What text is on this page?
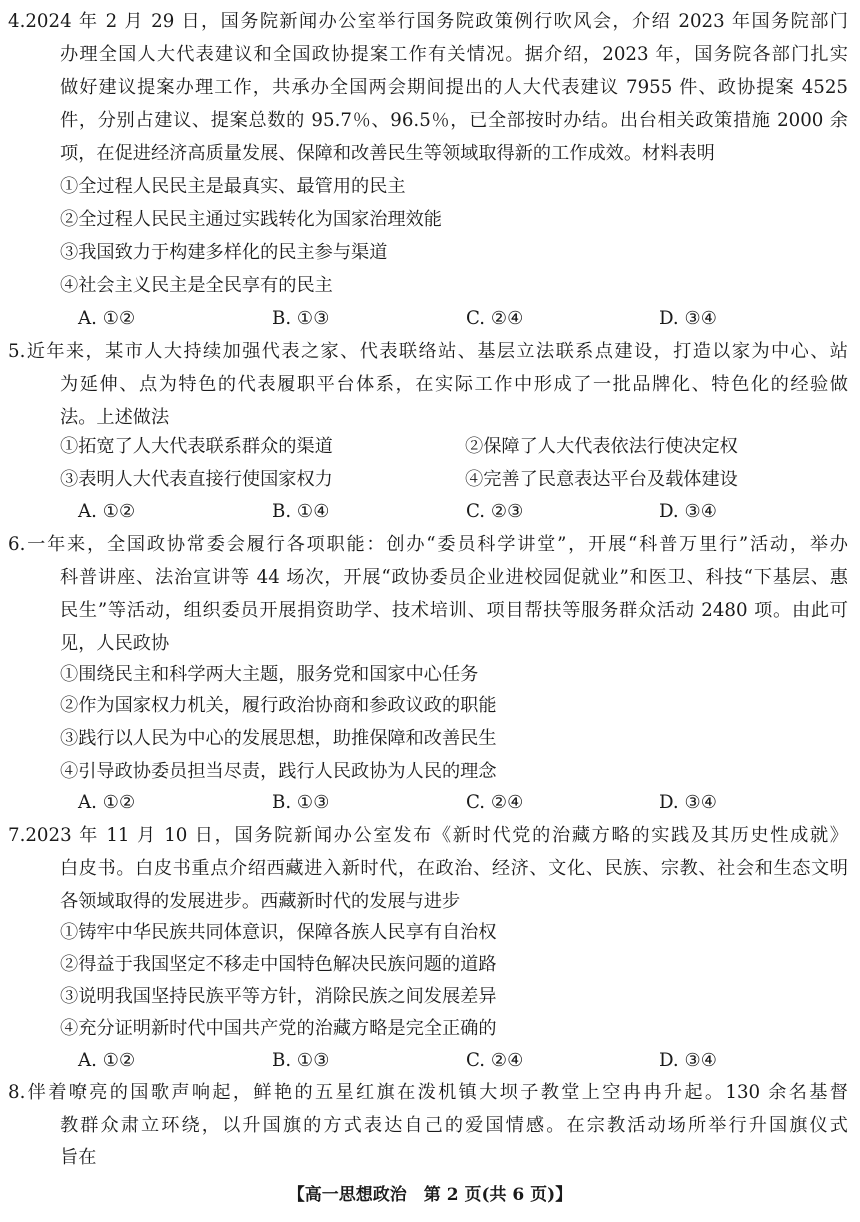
4.2024 年 2 月 29 日，国务院新闻办公室举行国务院政策例行吹风会，介绍 2023 年国务院部门
办理全国人大代表建议和全国政协提案工作有关情况。据介绍，2023 年，国务院各部门扎实
做好建议提案办理工作，共承办全国两会期间提出的人大代表建议 7955 件、政协提案 4525
件，分别占建议、提案总数的 95.7％、96.5％，已全部按时办结。出台相关政策措施 2000 余
项，在促进经济高质量发展、保障和改善民生等领域取得新的工作成效。材料表明
①全过程人民民主是最真实、最管用的民主
②全过程人民民主通过实践转化为国家治理效能
③我国致力于构建多样化的民主参与渠道
④社会主义民主是全民享有的民主
A. ①②	B. ①③	C. ②④	D. ③④
5.近年来，某市人大持续加强代表之家、代表联络站、基层立法联系点建设，打造以家为中心、站
为延伸、点为特色的代表履职平台体系，在实际工作中形成了一批品牌化、特色化的经验做
法。上述做法
①拓宽了人大代表联系群众的渠道	②保障了人大代表依法行使决定权
③表明人大代表直接行使国家权力	④完善了民意表达平台及载体建设
A. ①②	B. ①④	C. ②③	D. ③④
6.一年来，全国政协常委会履行各项职能：创办“委员科学讲堂”，开展“科普万里行”活动，举办
科普讲座、法治宣讲等 44 场次，开展“政协委员企业进校园促就业”和医卫、科技“下基层、惠
民生”等活动，组织委员开展捐资助学、技术培训、项目帮扶等服务群众活动 2480 项。由此可
见，人民政协
①围绕民主和科学两大主题，服务党和国家中心任务
②作为国家权力机关，履行政治协商和参政议政的职能
③践行以人民为中心的发展思想，助推保障和改善民生
④引导政协委员担当尽责，践行人民政协为人民的理念
A. ①②	B. ①③	C. ②④	D. ③④
7.2023 年 11 月 10 日，国务院新闻办公室发布《新时代党的治藏方略的实践及其历史性成就》
白皮书。白皮书重点介绍西藏进入新时代，在政治、经济、文化、民族、宗教、社会和生态文明
各领域取得的发展进步。西藏新时代的发展与进步
①铸牢中华民族共同体意识，保障各族人民享有自治权
②得益于我国坚定不移走中国特色解决民族问题的道路
③说明我国坚持民族平等方针，消除民族之间发展差异
④充分证明新时代中国共产党的治藏方略是完全正确的
A. ①②	B. ①③	C. ②④	D. ③④
8.伴着嘹亮的国歌声响起，鲜艳的五星红旗在泼机镇大坝子教堂上空冉冉升起。130 余名基督
教群众肃立环绕，以升国旗的方式表达自己的爱国情感。在宗教活动场所举行升国旗仪式
旨在
【高一思想政治　第 2 页(共 6 页)】
